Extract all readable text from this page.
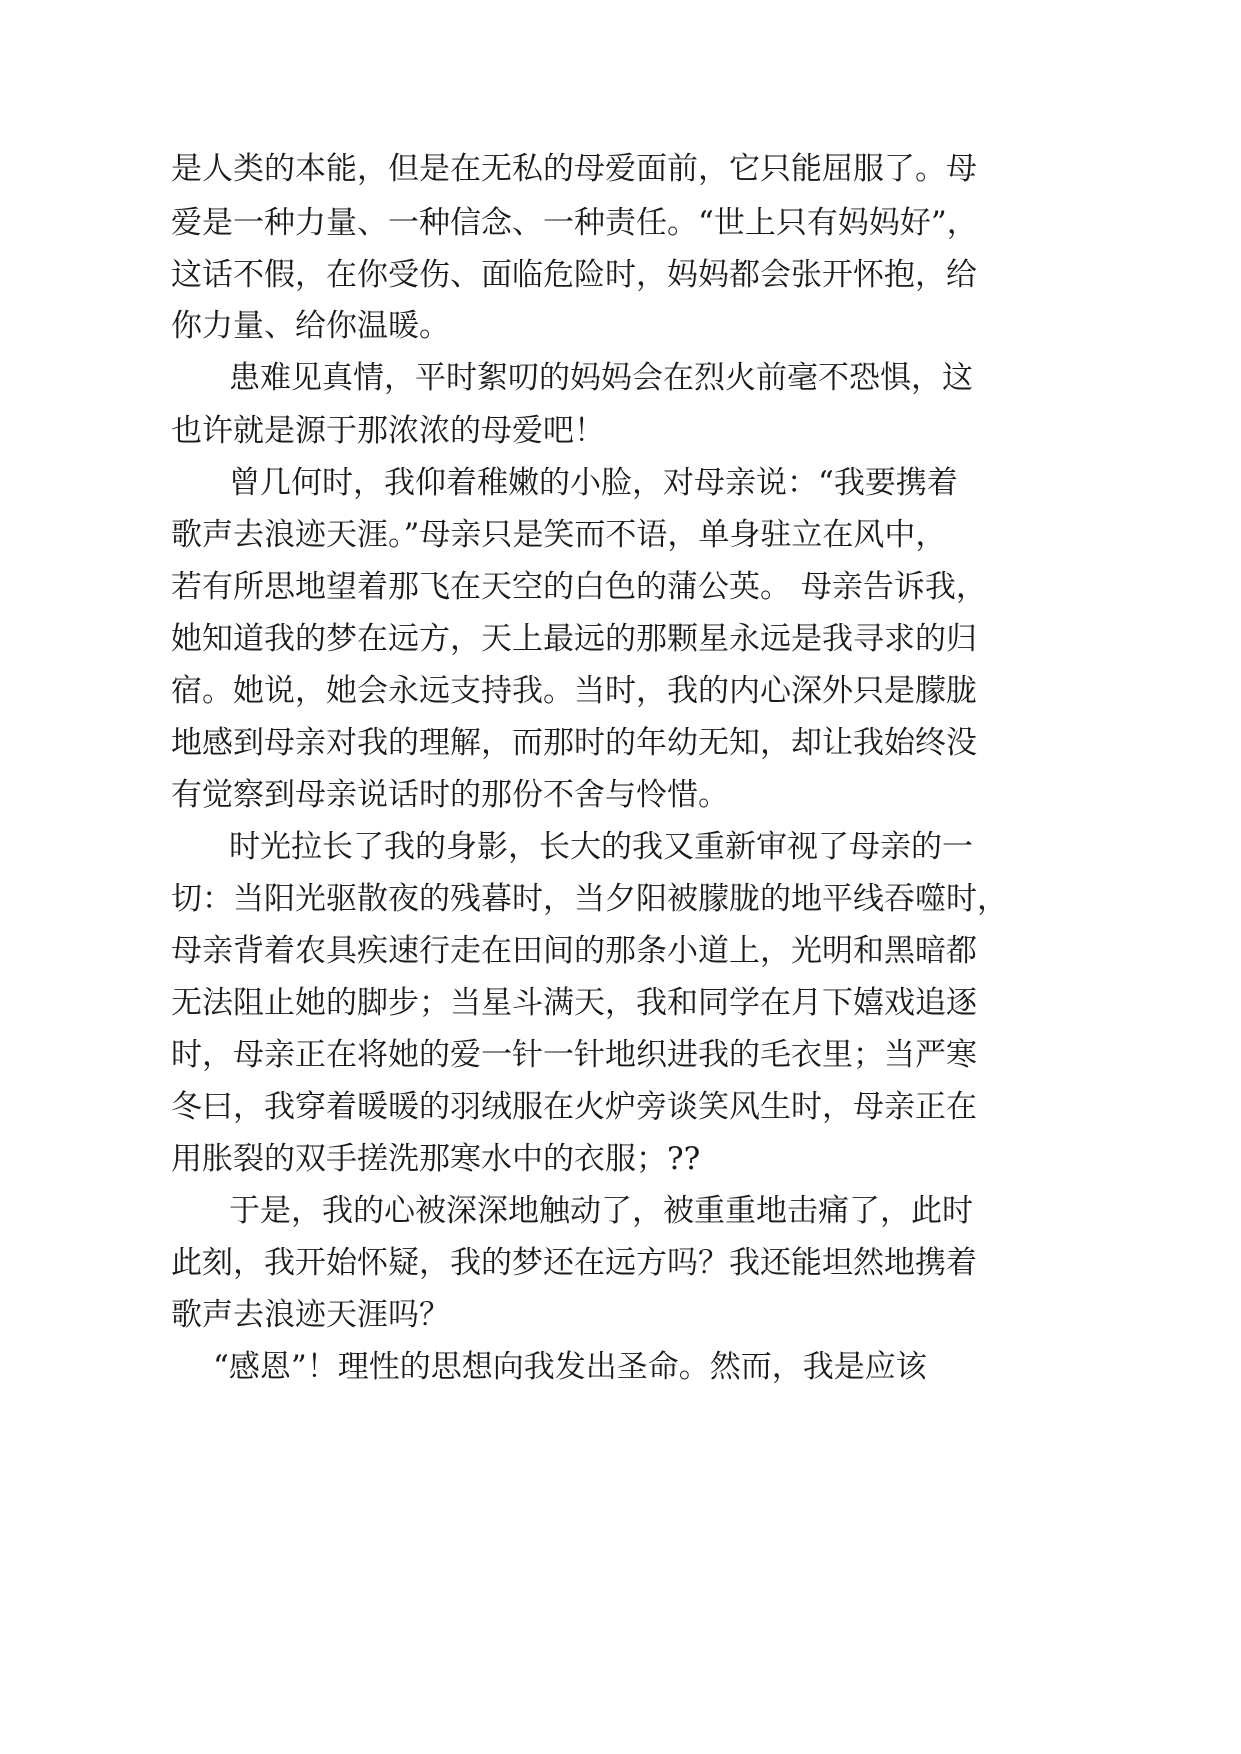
是人类的本能，但是在无私的母爱面前，它只能屈服了。母
爱是一种力量、一种信念、一种责任。“世上只有妈妈好”，
这话不假，在你受伤、面临危险时，妈妈都会张开怀抱，给
你力量、给你温暖。
患难见真情，平时絮叨的妈妈会在烈火前毫不恐惧，这
也许就是源于那浓浓的母爱吧！
曾几何时，我仰着稚嫩的小脸，对母亲说：“我要携着
歌声去浪迹天涯。”母亲只是笑而不语，单身驻立在风中，
若有所思地望着那飞在天空的白色的蒲公英。 母亲告诉我，
她知道我的梦在远方，天上最远的那颗星永远是我寻求的归
宿。她说，她会永远支持我。当时，我的内心深外只是朦胧
地感到母亲对我的理解，而那时的年幼无知，却让我始终没
有觉察到母亲说话时的那份不舍与怜惜。
时光拉长了我的身影，长大的我又重新审视了母亲的一
切：当阳光驱散夜的残暮时，当夕阳被朦胧的地平线吞噬时，
母亲背着农具疾速行走在田间的那条小道上，光明和黑暗都
无法阻止她的脚步；当星斗满天，我和同学在月下嬉戏追逐
时，母亲正在将她的爱一针一针地织进我的毛衣里；当严寒
冬曰，我穿着暖暖的羽绒服在火炉旁谈笑风生时，母亲正在
用胀裂的双手搓洗那寒水中的衣服；??
于是，我的心被深深地触动了，被重重地击痛了，此时
此刻，我开始怀疑，我的梦还在远方吗？我还能坦然地携着
歌声去浪迹天涯吗？
“感恩”！理性的思想向我发出圣命。然而，我是应该
